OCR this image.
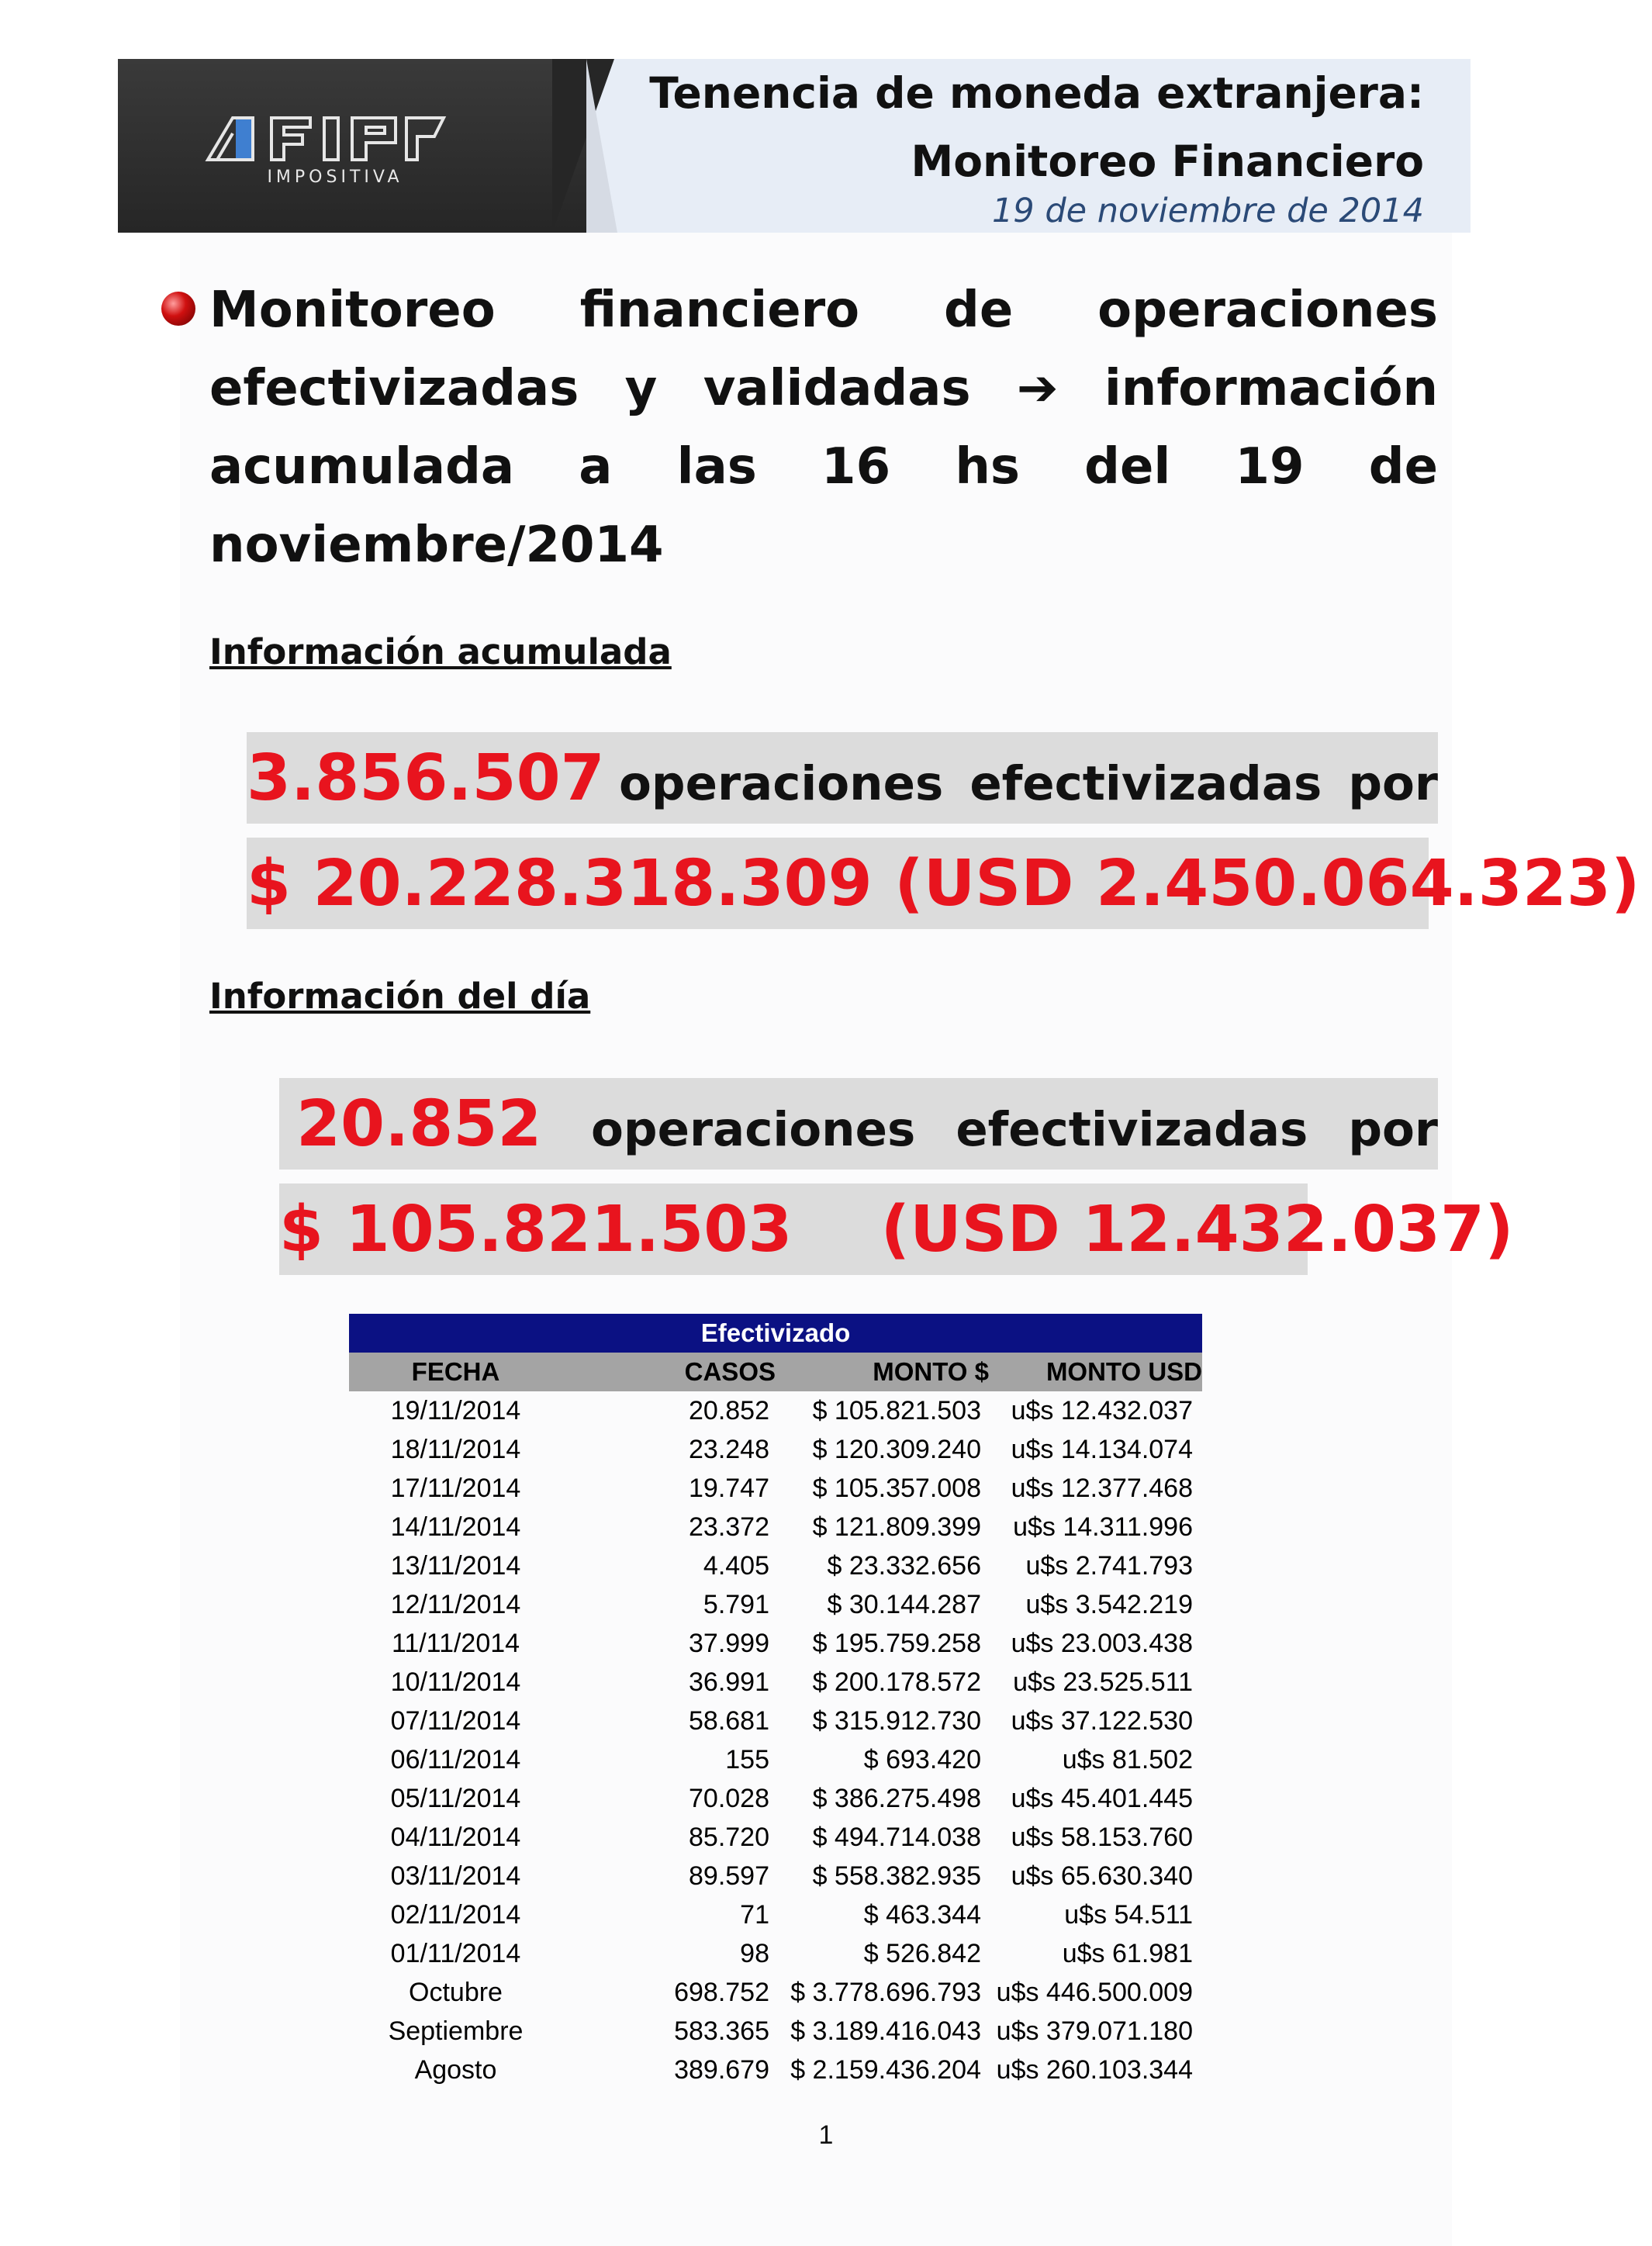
IMPOSITIVA

Tenencia de moneda extranjera:
Monitoreo Financiero

19 de noviembre de 2014

Monitoreo financiero de operaciones efectivizadas y validadas ➔ información acumulada a las 16 hs del 19 de noviembre/2014

Información acumulada

3.856.507 operaciones efectivizadas por
$ 20.228.318.309 (USD 2.450.064.323)

Información del día

20.852	operaciones efectivizadas por
$ 105.821.503    (USD 12.432.037)
Efectivizado			
FECHA	CASOS	MONTO $	MONTO USD
19/11/2014	20.852	$ 105.821.503	u$s 12.432.037
18/11/2014	23.248	$ 120.309.240	u$s 14.134.074
17/11/2014	19.747	$ 105.357.008	u$s 12.377.468
14/11/2014	23.372	$ 121.809.399	u$s 14.311.996
13/11/2014	4.405	$ 23.332.656	u$s 2.741.793
12/11/2014	5.791	$ 30.144.287	u$s 3.542.219
11/11/2014	37.999	$ 195.759.258	u$s 23.003.438
10/11/2014	36.991	$ 200.178.572	u$s 23.525.511
07/11/2014	58.681	$ 315.912.730	u$s 37.122.530
06/11/2014	155	$ 693.420	u$s 81.502
05/11/2014	70.028	$ 386.275.498	u$s 45.401.445
04/11/2014	85.720	$ 494.714.038	u$s 58.153.760
03/11/2014	89.597	$ 558.382.935	u$s 65.630.340
02/11/2014	71	$ 463.344	u$s 54.511
01/11/2014	98	$ 526.842	u$s 61.981
Octubre	698.752	$ 3.778.696.793	u$s 446.500.009
Septiembre	583.365	$ 3.189.416.043	u$s 379.071.180
Agosto	389.679	$ 2.159.436.204	u$s 260.103.344

1
